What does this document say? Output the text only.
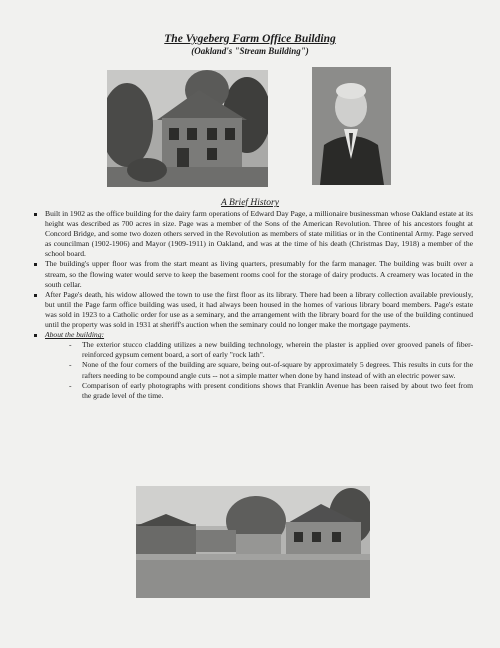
The Vygeberg Farm Office Building
(Oakland's "Stream Building")
A Brief History

Built in 1902 as the office building for the dairy farm operations of Edward Day Page, a millionaire businessman whose Oakland estate at its height was described as 700 acres in size. Page was a member of the Sons of the American Revolution. Three of his ancestors fought at Concord Bridge, and some two dozen others served in the Revolution as members of state militias or in the Continental Army. Page served as councilman (1902-1906) and Mayor (1909-1911) in Oakland, and was at the time of his death (Christmas Day, 1918) a member of the school board.

The building's upper floor was from the start meant as living quarters, presumably for the farm manager. The building was built over a stream, so the flowing water would serve to keep the basement rooms cool for the storage of dairy products. A creamery was located in the south cellar.

After Page's death, his widow allowed the town to use the first floor as its library. There had been a library collection available previously, but until the Page farm office building was used, it had always been housed in the homes of various library board members. Page's estate was sold in 1923 to a Catholic order for use as a seminary, and the arrangement with the library board for the use of the building continued until the property was sold in 1931 at sheriff's auction when the seminary could no longer make the mortgage payments.

About the building:

- The exterior stucco cladding utilizes a new building technology, wherein the plaster is applied over grooved panels of fiber-reinforced gypsum cement board, a sort of early "rock lath".
- None of the four corners of the building are square, being out-of-square by approximately 5 degrees. This results in cuts for the rafters needing to be compound angle cuts -- not a simple matter when done by hand instead of with an electric power saw.
- Comparison of early photographs with present conditions shows that Franklin Avenue has been raised by about two feet from the grade level of the time.
